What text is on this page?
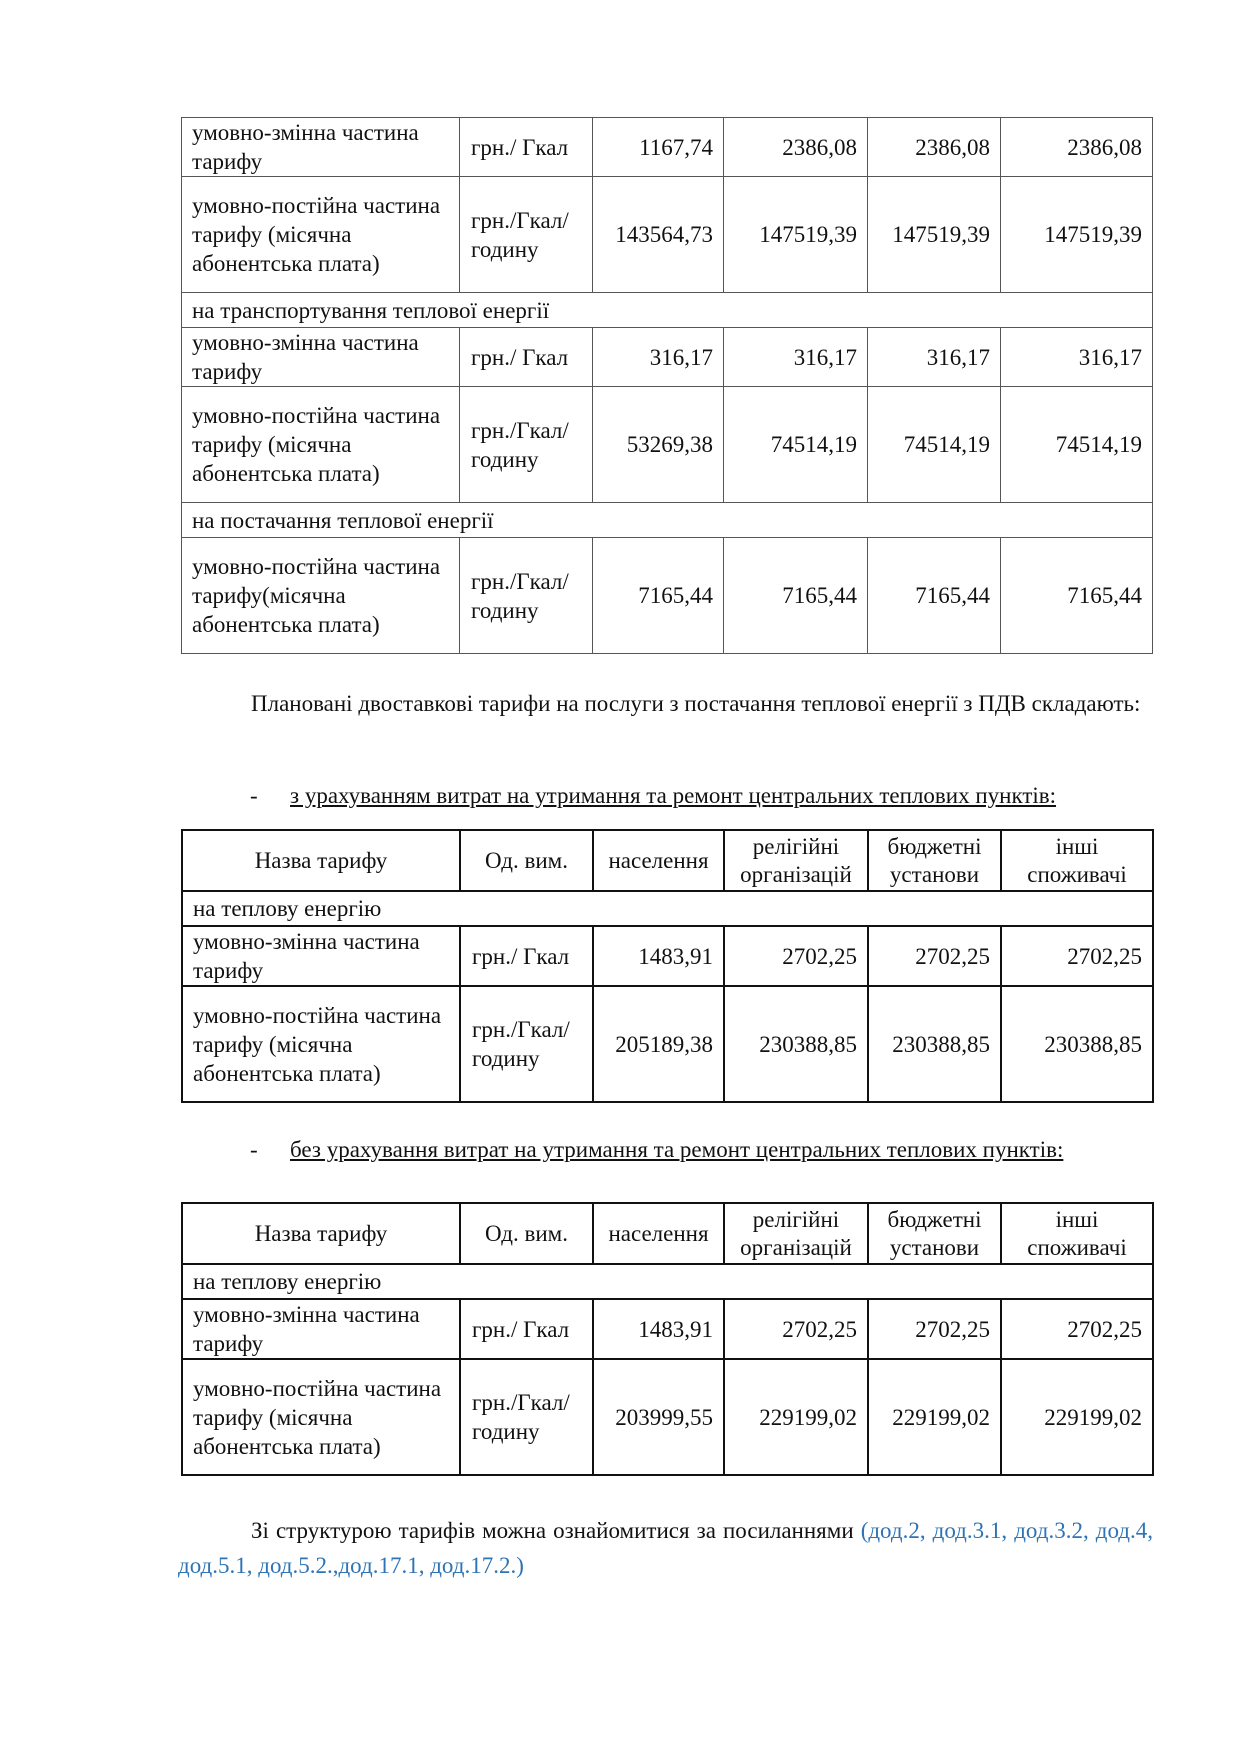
умовно-змінна частина тарифу	грн./ Гкал	1167,74	2386,08	2386,08	2386,08
умовно-постійна частина тарифу (місячна абонентська плата)	грн./Гкал/ годину	143564,73	147519,39	147519,39	147519,39
на транспортування теплової енергії					
умовно-змінна частина тарифу	грн./ Гкал	316,17	316,17	316,17	316,17
умовно-постійна частина тарифу (місячна абонентська плата)	грн./Гкал/ годину	53269,38	74514,19	74514,19	74514,19
на постачання теплової енергії					
умовно-постійна частина тарифу(місячна абонентська плата)	грн./Гкал/ годину	7165,44	7165,44	7165,44	7165,44

Плановані двоставкові тарифи на послуги з постачання теплової енергії з ПДВ складають:

- з урахуванням витрат на утримання та ремонт центральних теплових пунктів:

Назва тарифу	Од. вим.	населення	релігійні організацій	бюджетні установи	інші споживачі
на теплову енергію					
умовно-змінна частина тарифу	грн./ Гкал	1483,91	2702,25	2702,25	2702,25
умовно-постійна частина тарифу (місячна абонентська плата)	грн./Гкал/ годину	205189,38	230388,85	230388,85	230388,85

- без урахування витрат на утримання та ремонт центральних теплових пунктів:

Назва тарифу	Од. вим.	населення	релігійні організацій	бюджетні установи	інші споживачі
на теплову енергію					
умовно-змінна частина тарифу	грн./ Гкал	1483,91	2702,25	2702,25	2702,25
умовно-постійна частина тарифу (місячна абонентська плата)	грн./Гкал/ годину	203999,55	229199,02	229199,02	229199,02

Зі структурою тарифів можна ознайомитися за посиланнями (дод.2, дод.3.1, дод.3.2, дод.4, дод.5.1, дод.5.2.,дод.17.1, дод.17.2.)
